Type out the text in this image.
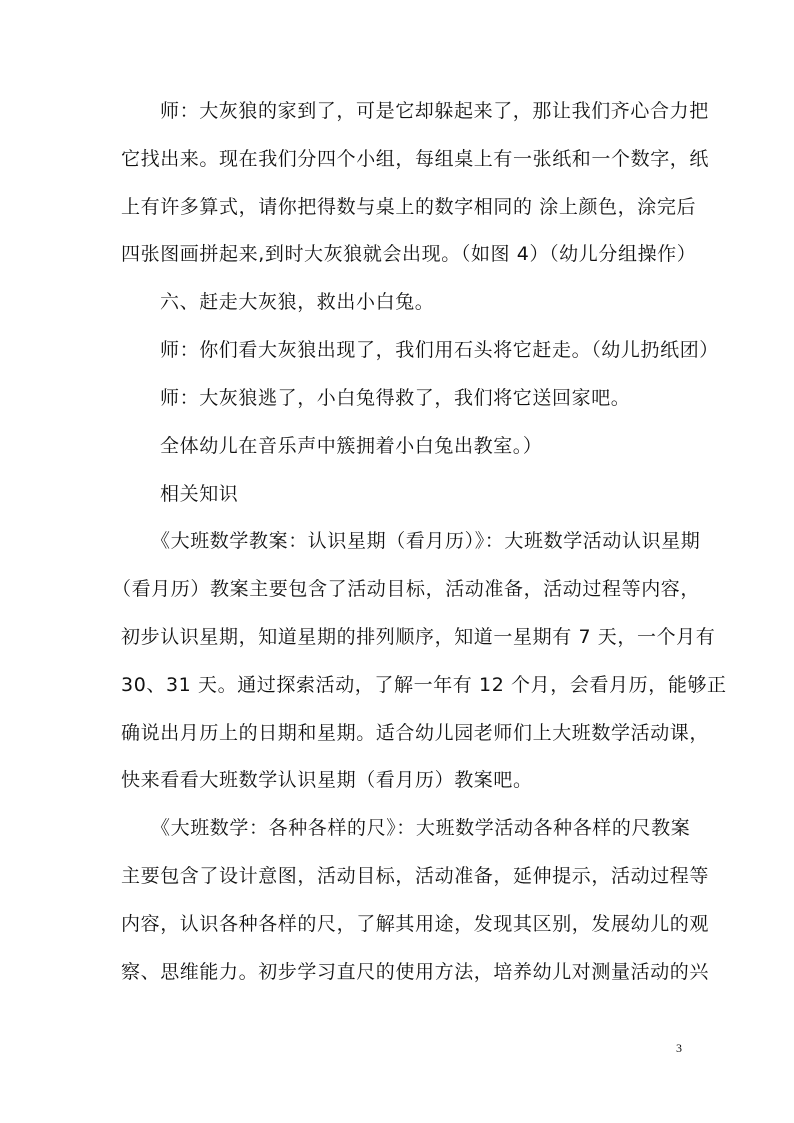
师：大灰狼的家到了，可是它却躲起来了，那让我们齐心合力把
它找出来。现在我们分四个小组，每组桌上有一张纸和一个数字，纸
上有许多算式，请你把得数与桌上的数字相同的 涂上颜色，涂完后
四张图画拼起来,到时大灰狼就会出现。（如图 4）（幼儿分组操作）
六、赶走大灰狼，救出小白兔。
师：你们看大灰狼出现了，我们用石头将它赶走。（幼儿扔纸团）
师：大灰狼逃了，小白兔得救了，我们将它送回家吧。
全体幼儿在音乐声中簇拥着小白兔出教室。）
相关知识
《大班数学教案：认识星期（看月历）》：大班数学活动认识星期
（看月历）教案主要包含了活动目标，活动准备，活动过程等内容，
初步认识星期，知道星期的排列顺序，知道一星期有 7 天，一个月有
30、31 天。通过探索活动，了解一年有 12 个月，会看月历，能够正
确说出月历上的日期和星期。适合幼儿园老师们上大班数学活动课，
快来看看大班数学认识星期（看月历）教案吧。
《大班数学：各种各样的尺》：大班数学活动各种各样的尺教案
主要包含了设计意图，活动目标，活动准备，延伸提示，活动过程等
内容，认识各种各样的尺，了解其用途，发现其区别，发展幼儿的观
察、思维能力。初步学习直尺的使用方法，培养幼儿对测量活动的兴
3
